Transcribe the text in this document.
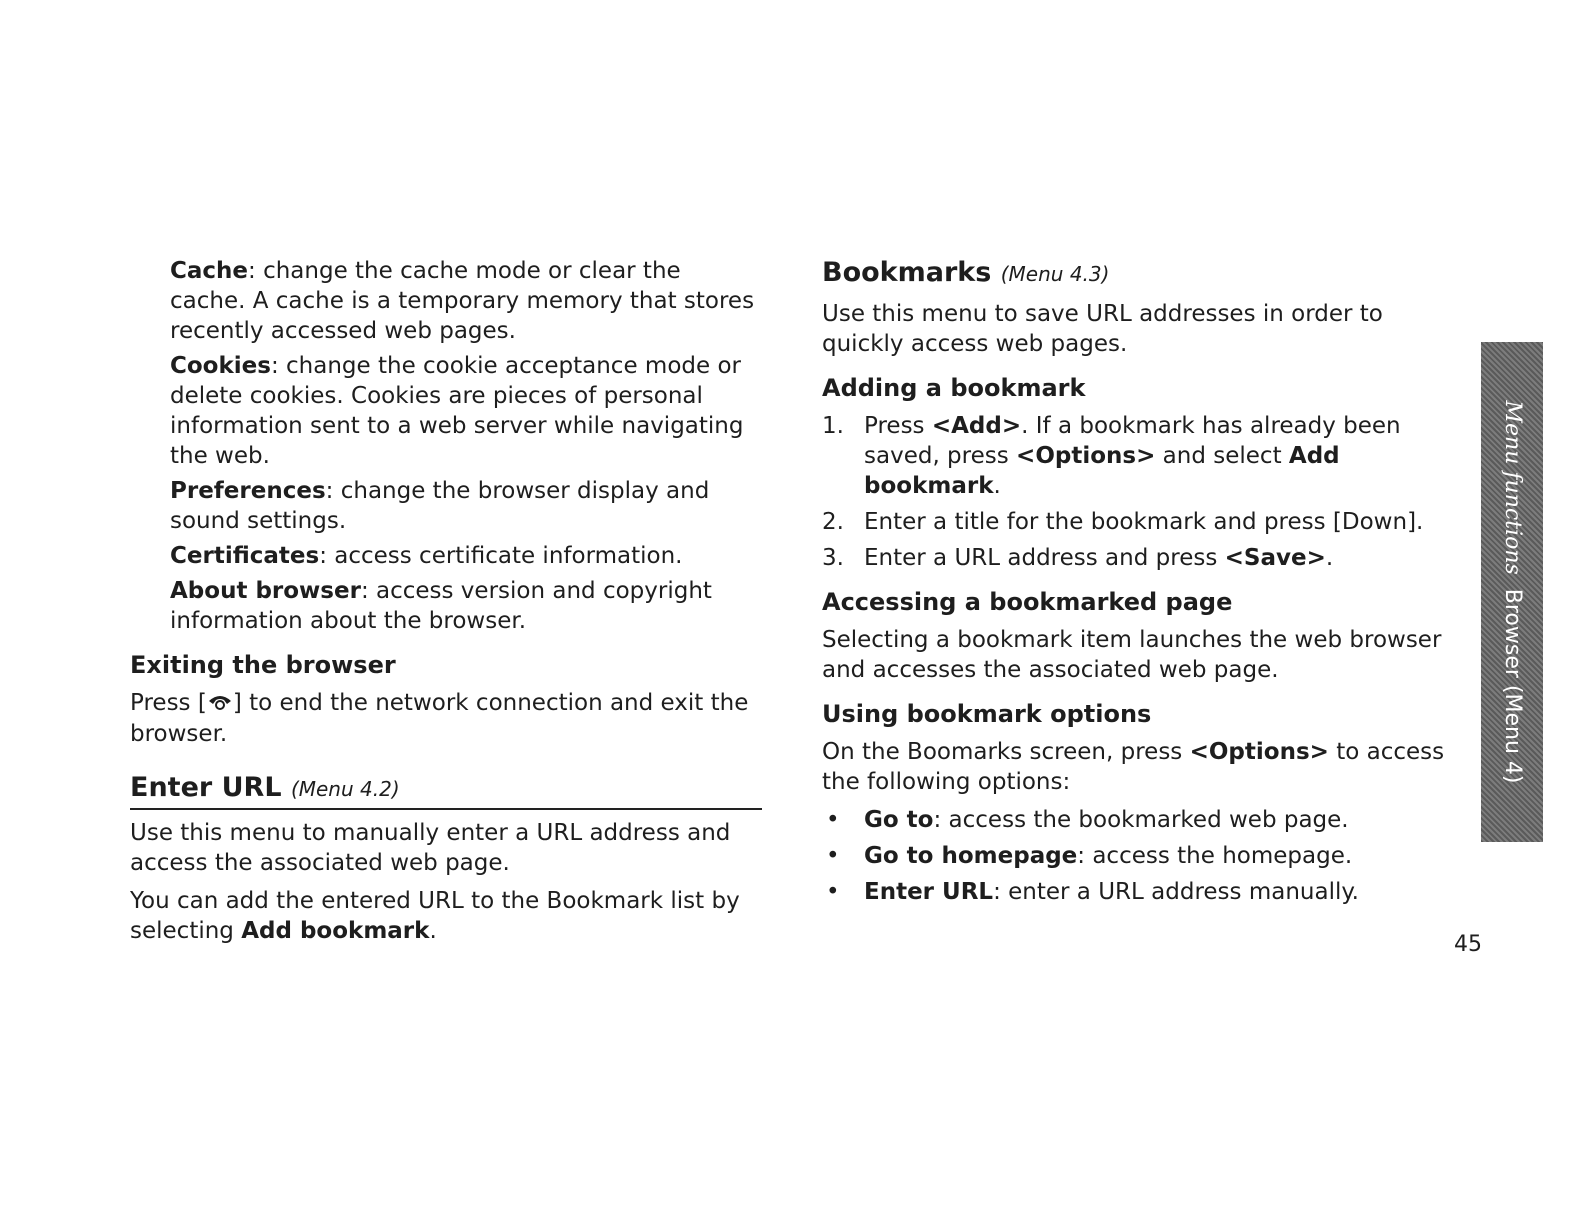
Cache: change the cache mode or clear the cache. A cache is a temporary memory that stores recently accessed web pages.

Cookies: change the cookie acceptance mode or delete cookies. Cookies are pieces of personal information sent to a web server while navigating the web.

Preferences: change the browser display and sound settings.

Certificates: access certificate information.

About browser: access version and copyright information about the browser.

Exiting the browser

Press [ ] to end the network connection and exit the browser.

Enter URL (Menu 4.2)

Use this menu to manually enter a URL address and access the associated web page.

You can add the entered URL to the Bookmark list by selecting Add bookmark.

Bookmarks (Menu 4.3)

Use this menu to save URL addresses in order to quickly access web pages.

Adding a bookmark
1. Press <Add>. If a bookmark has already been saved, press <Options> and select Add bookmark.
2. Enter a title for the bookmark and press [Down].
3. Enter a URL address and press <Save>.
Accessing a bookmarked page

Selecting a bookmark item launches the web browser and accesses the associated web page.

Using bookmark options

On the Boomarks screen, press <Options> to access the following options:

• Go to: access the bookmarked web page.
• Go to homepage: access the homepage.
• Enter URL: enter a URL address manually.
Menu functions  Browser (Menu 4)
45
